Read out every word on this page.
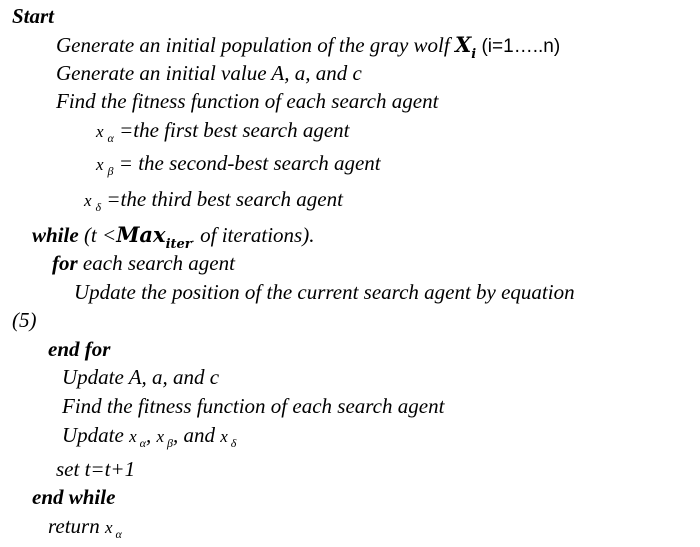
Start
Generate an initial population of the gray wolf $X_i$ (i=1…..n)
Generate an initial value A, a, and c
Find the fitness function of each search agent
x $_\alpha$ =the first best search agent
x $_\beta$ = the second-best search agent
x $_\delta$ =the third best search agent
while (t <Max$_{iter}$. of iterations).
for each search agent
Update the position of the current search agent by equation
(5)
end for
Update A, a, and c
Find the fitness function of each search agent
Update x $_\alpha$, x $_\beta$, and x $_\delta$
set t=t+1
end while
return x $_\alpha$
